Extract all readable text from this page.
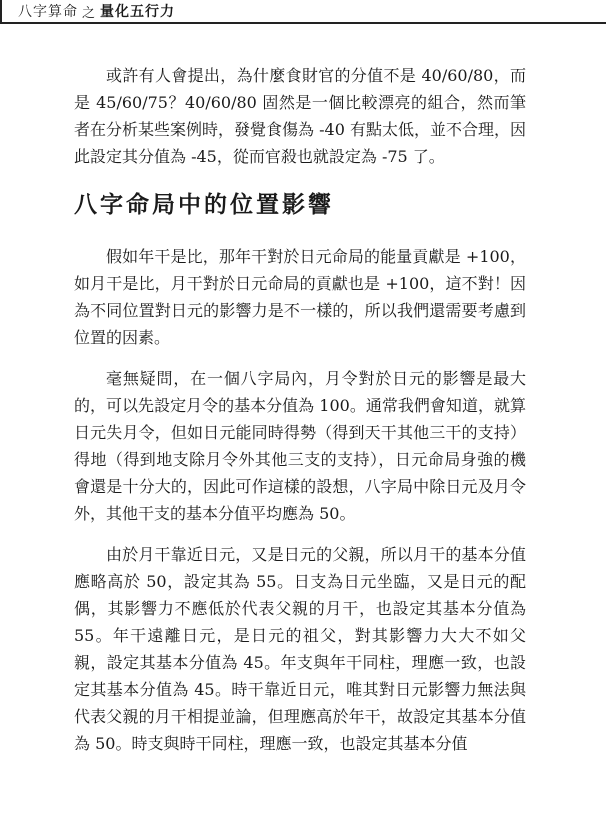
八字算命 之 量化五行力

或許有人會提出，為什麼食財官的分值不是 40/60/80，而是 45/60/75？40/60/80 固然是一個比較漂亮的組合，然而筆者在分析某些案例時，發覺食傷為 -40 有點太低，並不合理，因此設定其分值為 -45，從而官殺也就設定為 -75 了。

八字命局中的位置影響

假如年干是比，那年干對於日元命局的能量貢獻是 +100，如月干是比，月干對於日元命局的貢獻也是 +100，這不對！因為不同位置對日元的影響力是不一樣的，所以我們還需要考慮到位置的因素。

毫無疑問，在一個八字局內，月令對於日元的影響是最大的，可以先設定月令的基本分值為 100。通常我們會知道，就算日元失月令，但如日元能同時得勢（得到天干其他三干的支持）得地（得到地支除月令外其他三支的支持），日元命局身強的機會還是十分大的，因此可作這樣的設想，八字局中除日元及月令外，其他干支的基本分值平均應為 50。

由於月干靠近日元，又是日元的父親，所以月干的基本分值應略高於 50，設定其為 55。日支為日元坐臨，又是日元的配偶，其影響力不應低於代表父親的月干，也設定其基本分值為 55。年干遠離日元，是日元的祖父，對其影響力大大不如父親，設定其基本分值為 45。年支與年干同柱，理應一致，也設定其基本分值為 45。時干靠近日元，唯其對日元影響力無法與代表父親的月干相提並論，但理應高於年干，故設定其基本分值為 50。時支與時干同柱，理應一致，也設定其基本分值
